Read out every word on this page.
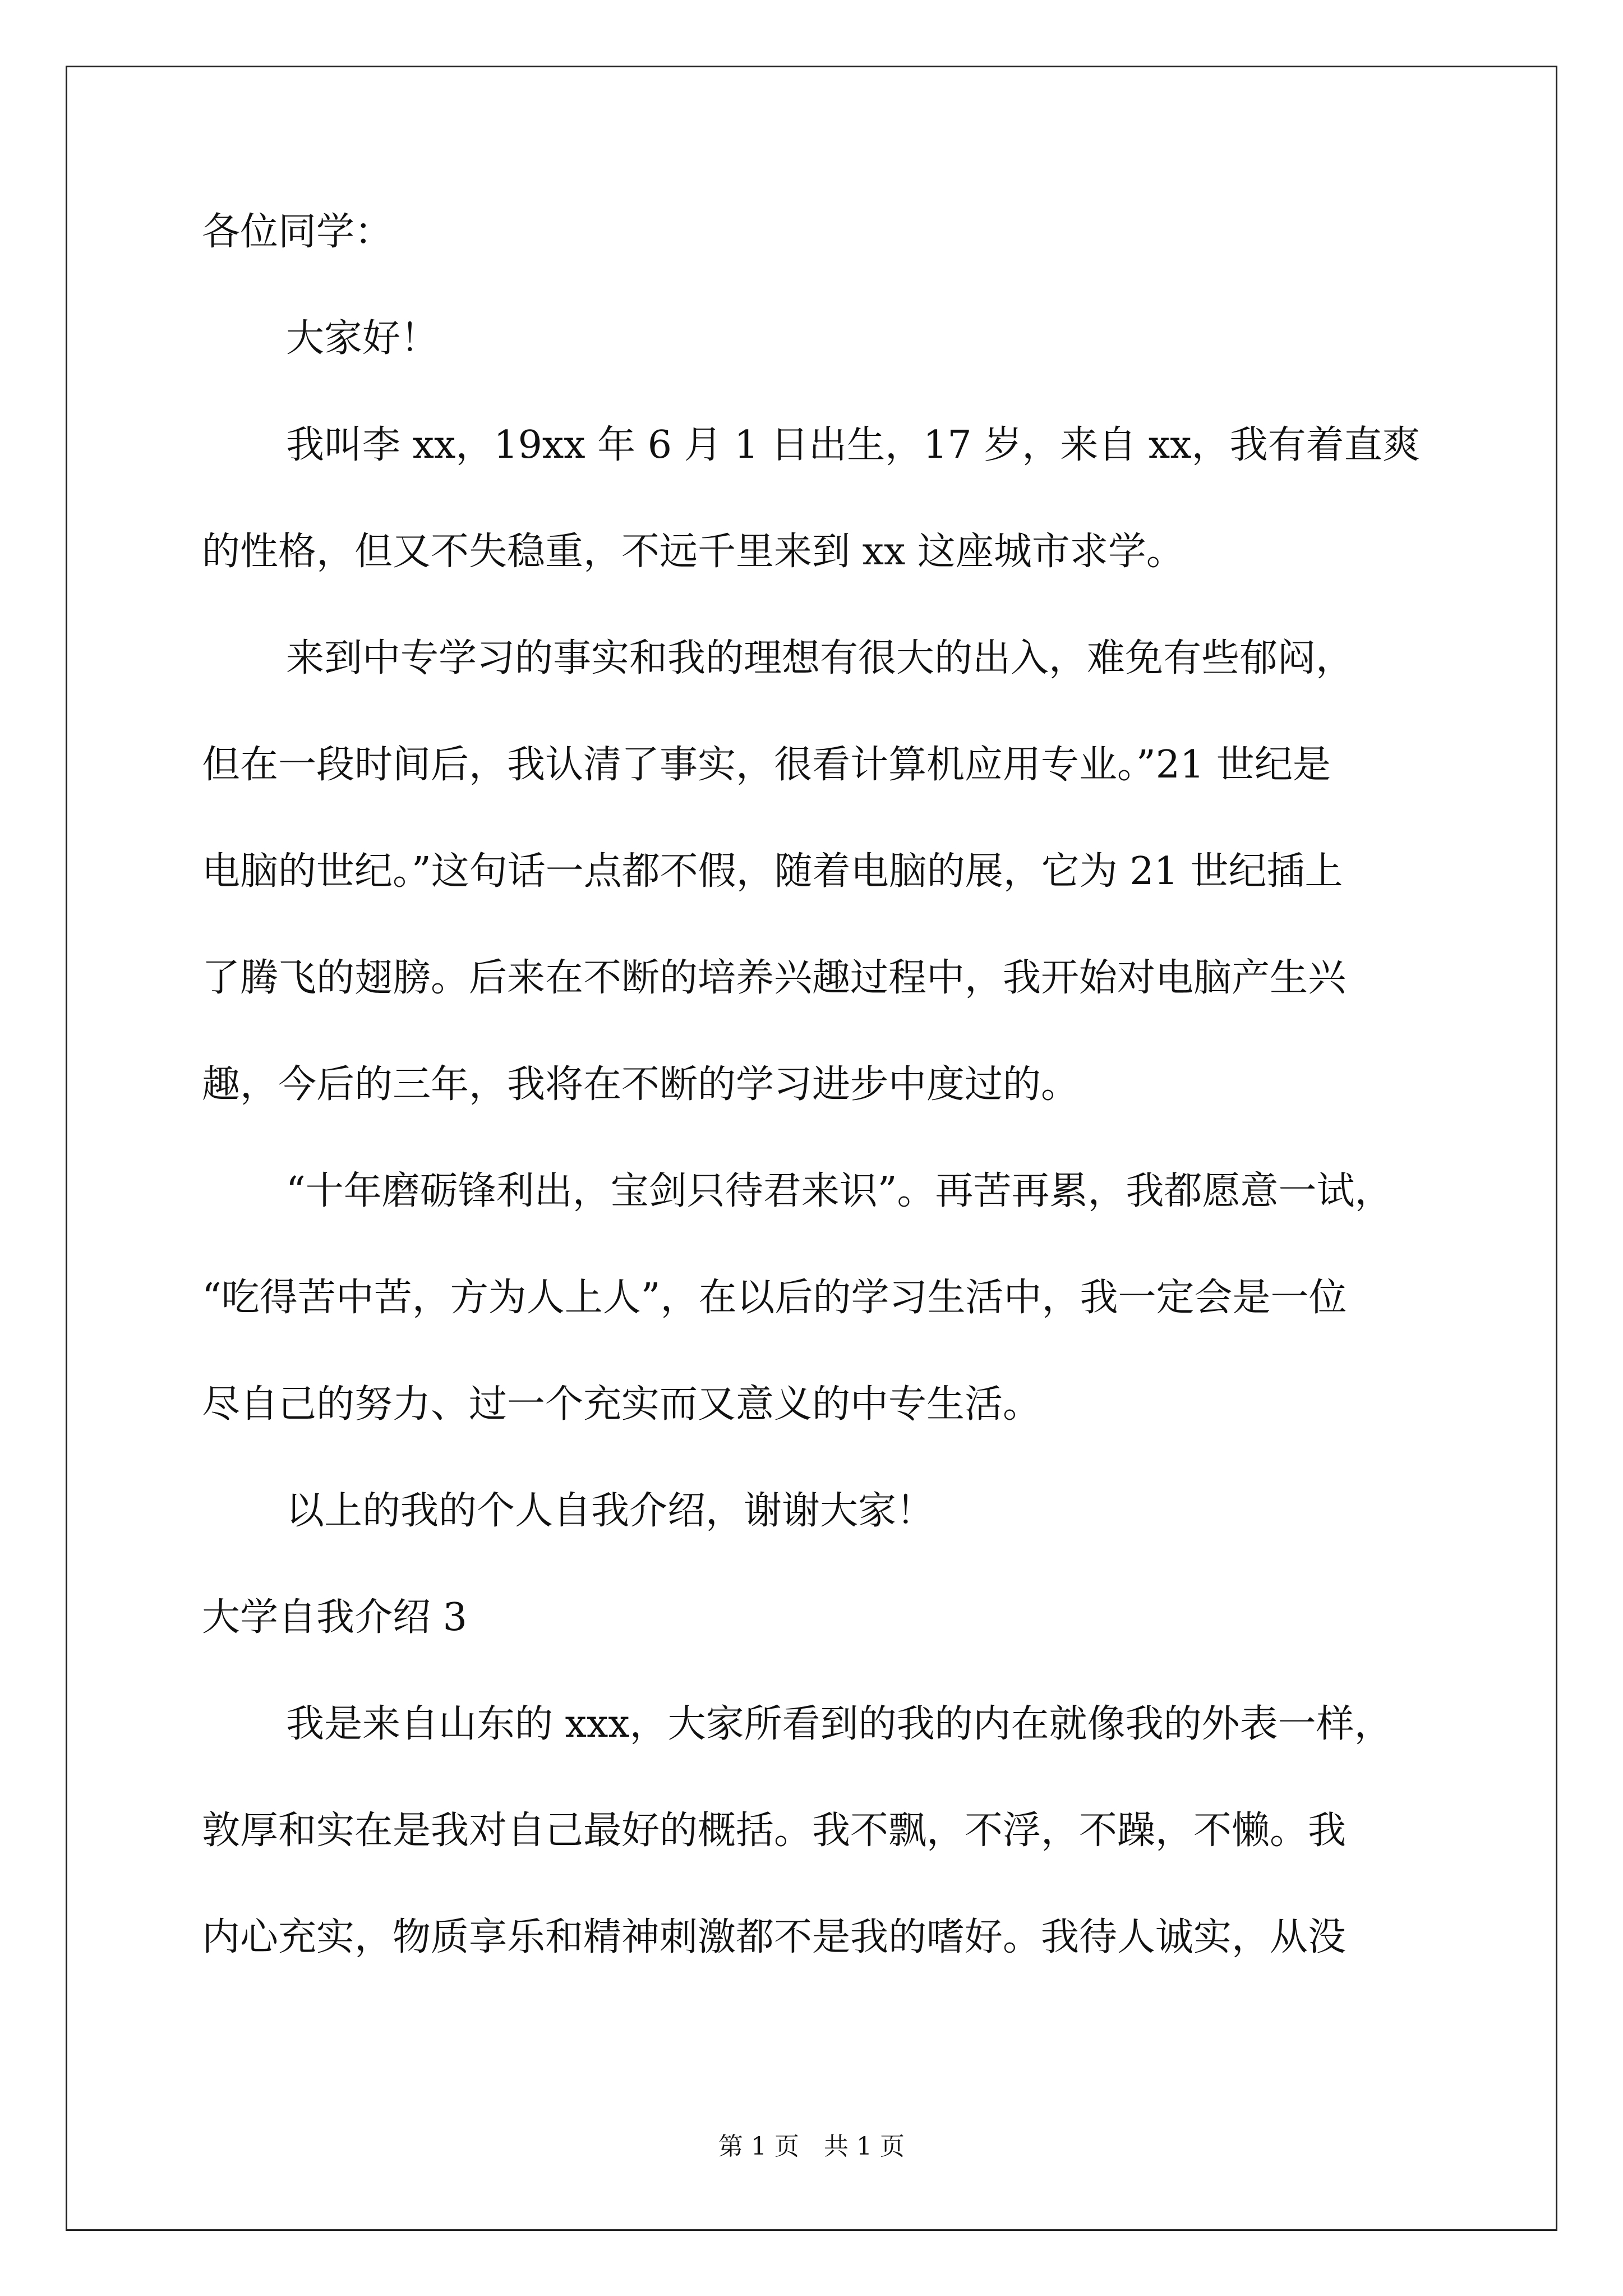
各位同学：
大家好！
我叫李 xx，19xx 年 6 月 1 日出生，17 岁，来自 xx，我有着直爽
的性格，但又不失稳重，不远千里来到 xx 这座城市求学。
来到中专学习的事实和我的理想有很大的出入，难免有些郁闷，
但在一段时间后，我认清了事实，很看计算机应用专业。”21 世纪是
电脑的世纪。”这句话一点都不假，随着电脑的展，它为 21 世纪插上
了腾飞的翅膀。后来在不断的培养兴趣过程中，我开始对电脑产生兴
趣，今后的三年，我将在不断的学习进步中度过的。
“十年磨砺锋利出，宝剑只待君来识”。再苦再累，我都愿意一试，
“吃得苦中苦，方为人上人”，在以后的学习生活中，我一定会是一位
尽自己的努力、过一个充实而又意义的中专生活。
以上的我的个人自我介绍，谢谢大家！
大学自我介绍 3
我是来自山东的 xxx，大家所看到的我的内在就像我的外表一样，
敦厚和实在是我对自己最好的概括。我不飘，不浮，不躁，不懒。我
内心充实，物质享乐和精神刺激都不是我的嗜好。我待人诚实，从没
第 1 页　共 1 页
